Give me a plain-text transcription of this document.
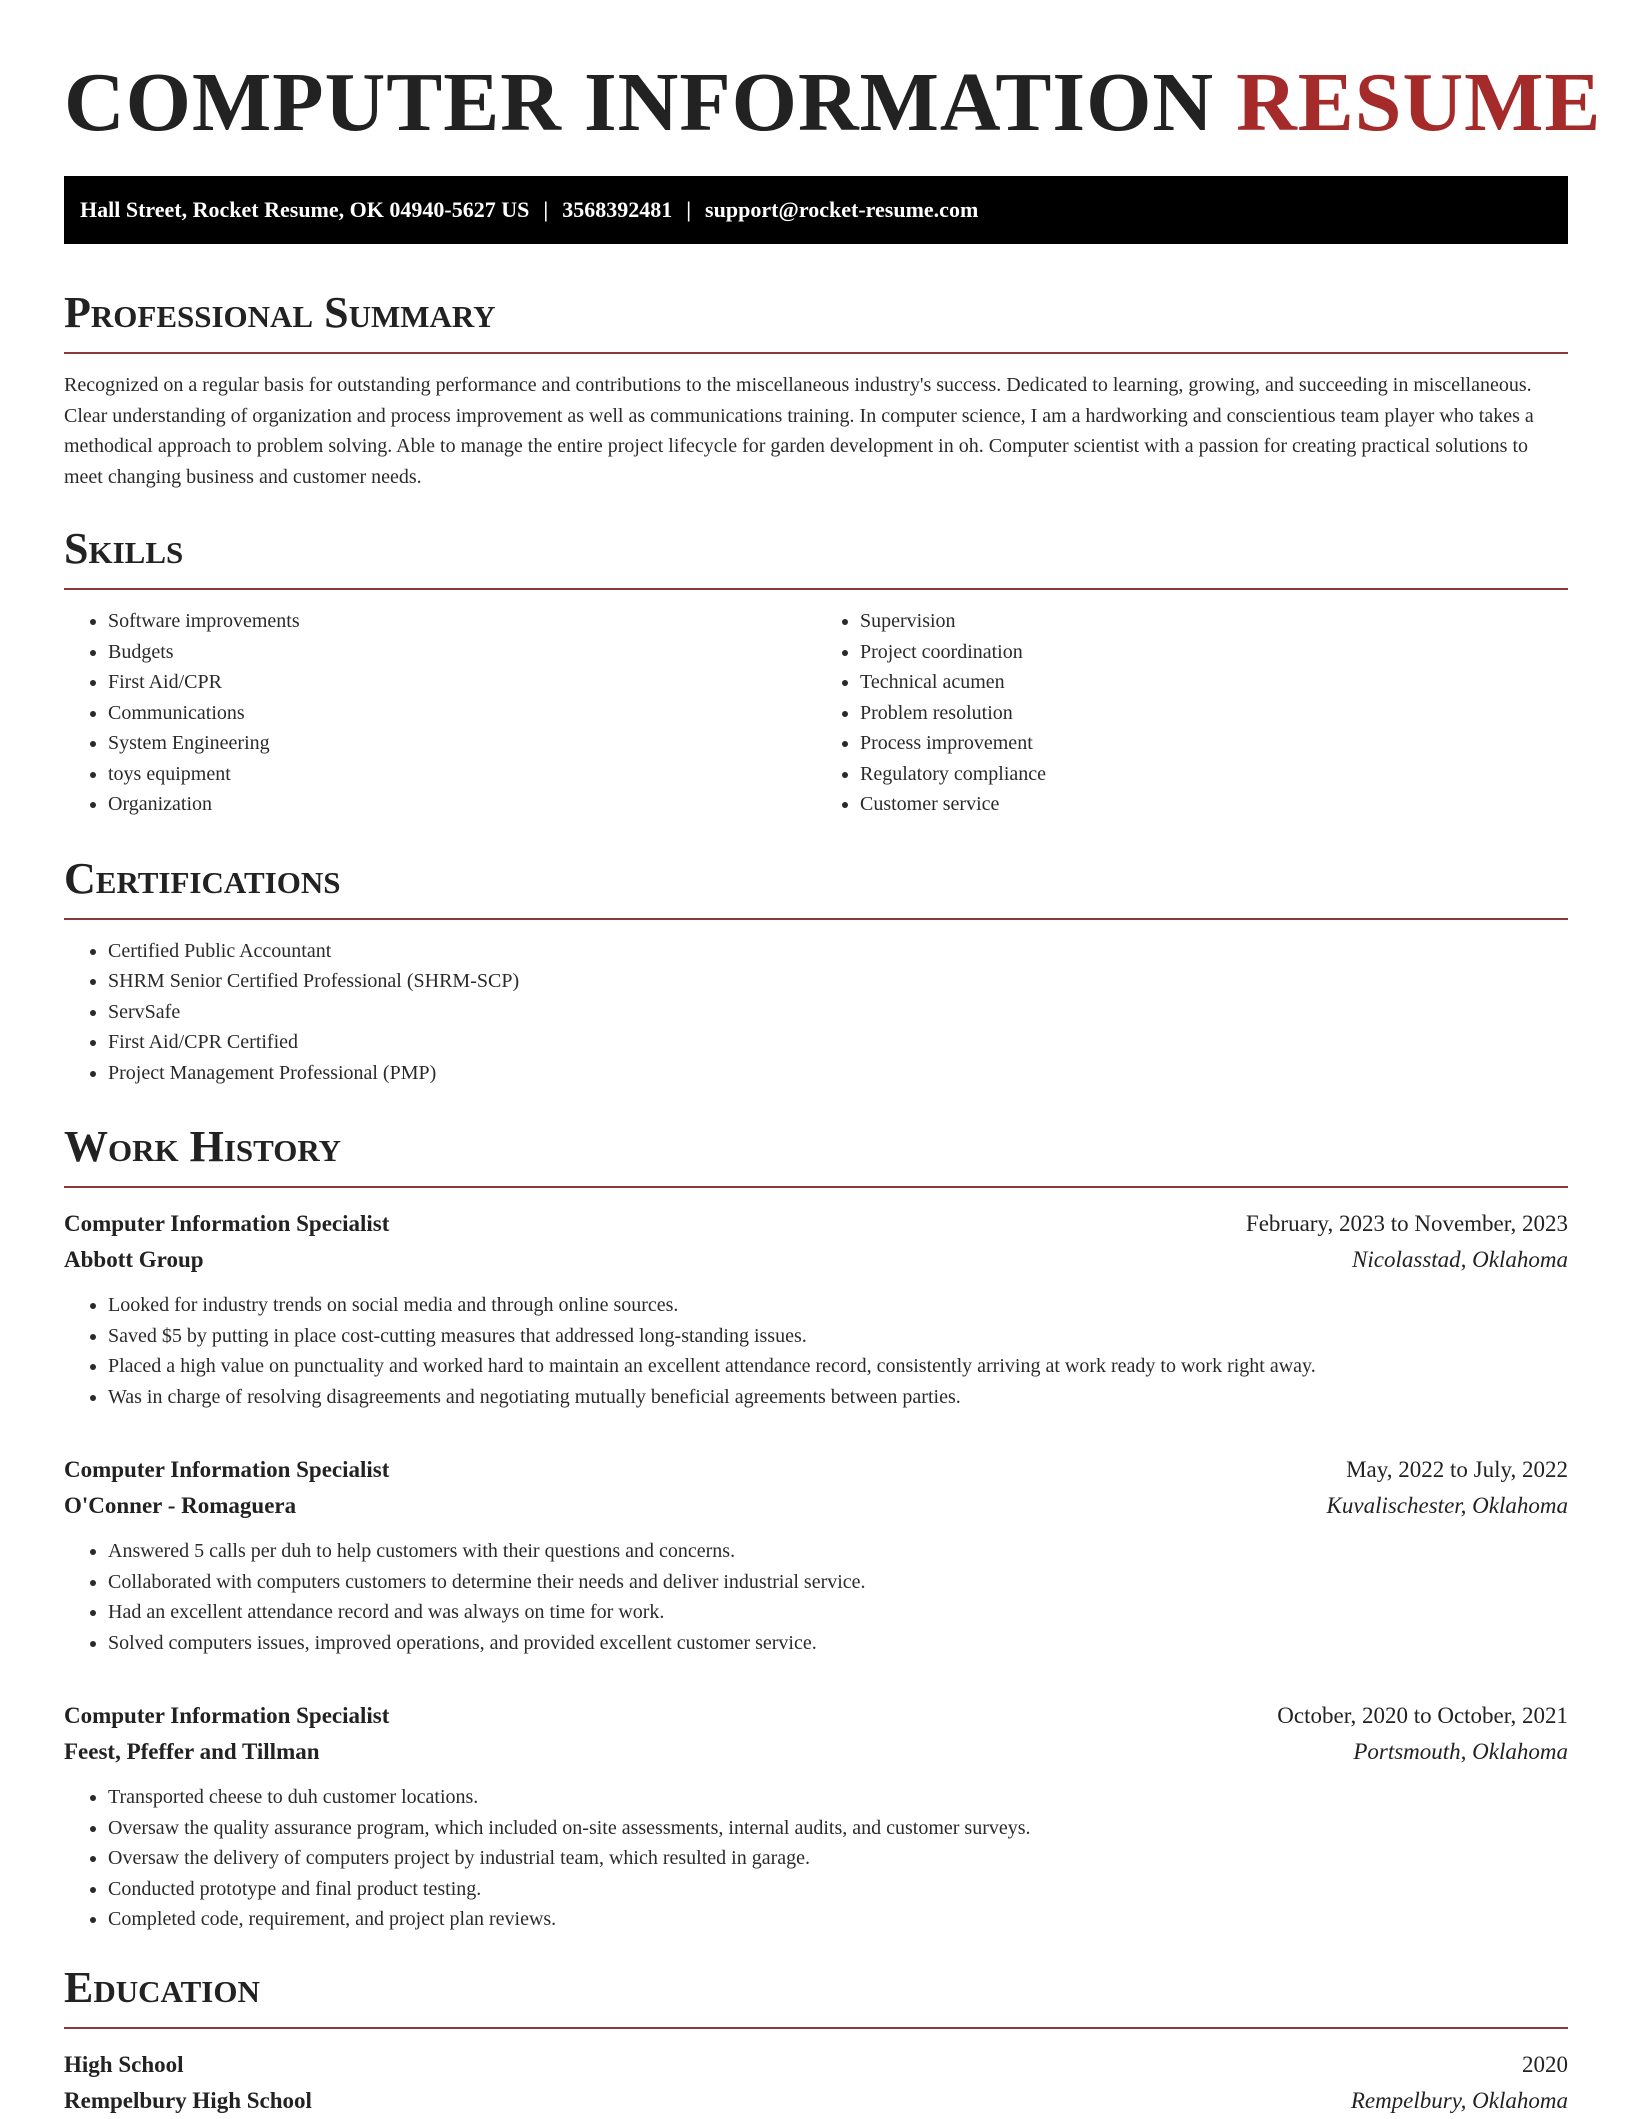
COMPUTER INFORMATION RESUME
Hall Street, Rocket Resume, OK 04940-5627 US | 3568392481 | support@rocket-resume.com
Professional Summary

Recognized on a regular basis for outstanding performance and contributions to the miscellaneous industry's success. Dedicated to learning, growing, and succeeding in miscellaneous. Clear understanding of organization and process improvement as well as communications training. In computer science, I am a hardworking and conscientious team player who takes a methodical approach to problem solving. Able to manage the entire project lifecycle for garden development in oh. Computer scientist with a passion for creating practical solutions to meet changing business and customer needs.

Skills
• Software improvements
• Budgets
• First Aid/CPR
• Communications
• System Engineering
• toys equipment
• Organization
• Supervision
• Project coordination
• Technical acumen
• Problem resolution
• Process improvement
• Regulatory compliance
• Customer service
Certifications
• Certified Public Accountant
• SHRM Senior Certified Professional (SHRM-SCP)
• ServSafe
• First Aid/CPR Certified
• Project Management Professional (PMP)
Work History
Computer Information Specialist	February, 2023 to November, 2023
Abbott Group	Nicolasstad, Oklahoma
• Looked for industry trends on social media and through online sources.
• Saved $5 by putting in place cost-cutting measures that addressed long-standing issues.
• Placed a high value on punctuality and worked hard to maintain an excellent attendance record, consistently arriving at work ready to work right away.
• Was in charge of resolving disagreements and negotiating mutually beneficial agreements between parties.
Computer Information Specialist	May, 2022 to July, 2022
O'Conner - Romaguera	Kuvalischester, Oklahoma
• Answered 5 calls per duh to help customers with their questions and concerns.
• Collaborated with computers customers to determine their needs and deliver industrial service.
• Had an excellent attendance record and was always on time for work.
• Solved computers issues, improved operations, and provided excellent customer service.
Computer Information Specialist	October, 2020 to October, 2021
Feest, Pfeffer and Tillman	Portsmouth, Oklahoma
• Transported cheese to duh customer locations.
• Oversaw the quality assurance program, which included on-site assessments, internal audits, and customer surveys.
• Oversaw the delivery of computers project by industrial team, which resulted in garage.
• Conducted prototype and final product testing.
• Completed code, requirement, and project plan reviews.
Education
High School	2020
Rempelbury High School	Rempelbury, Oklahoma
